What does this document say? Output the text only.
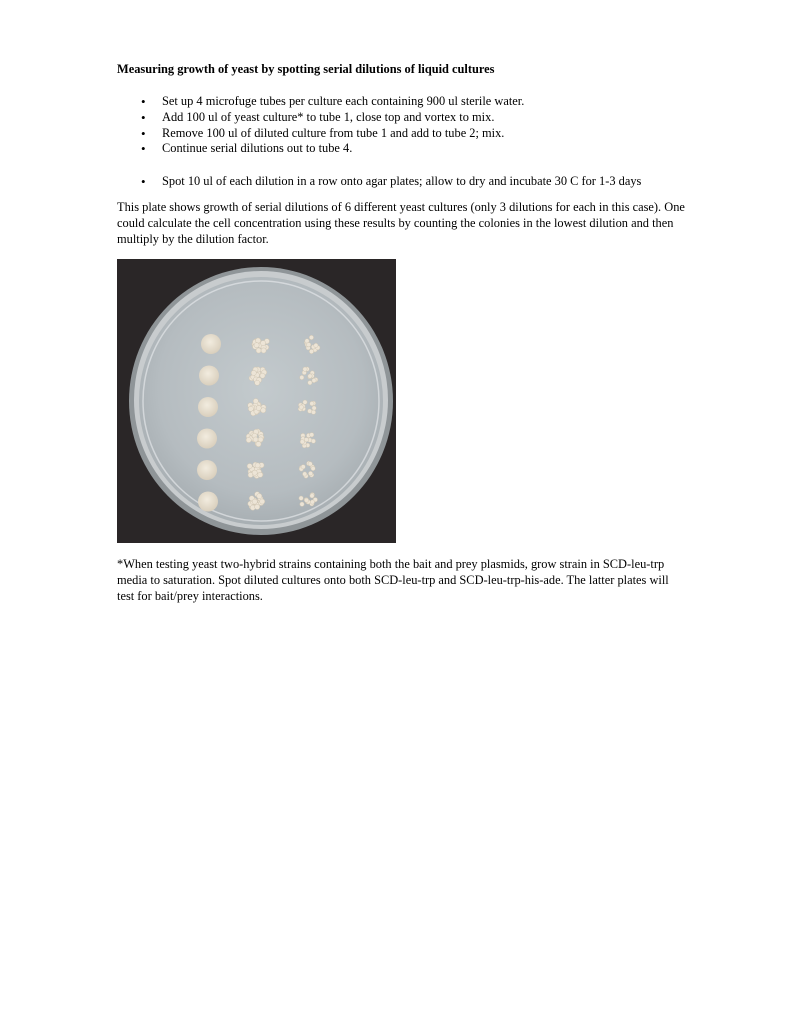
Measuring growth of yeast by spotting serial dilutions of liquid cultures
• Set up 4 microfuge tubes per culture each containing 900 ul sterile water.
• Add 100 ul of yeast culture* to tube 1, close top and vortex to mix.
• Remove 100 ul of diluted culture from tube 1 and add to tube 2; mix.
• Continue serial dilutions out to tube 4.
• Spot 10 ul of each dilution in a row onto agar plates; allow to dry and incubate 30 C for 1-3 days
This plate shows growth of serial dilutions of 6 different yeast cultures (only 3 dilutions for each in this case). One could calculate the cell concentration using these results by counting the colonies in the lowest dilution and then multiply by the dilution factor.
*When testing yeast two-hybrid strains containing both the bait and prey plasmids, grow strain in SCD-leu-trp media to saturation. Spot diluted cultures onto both SCD-leu-trp and SCD-leu-trp-his-ade. The latter plates will test for bait/prey interactions.
